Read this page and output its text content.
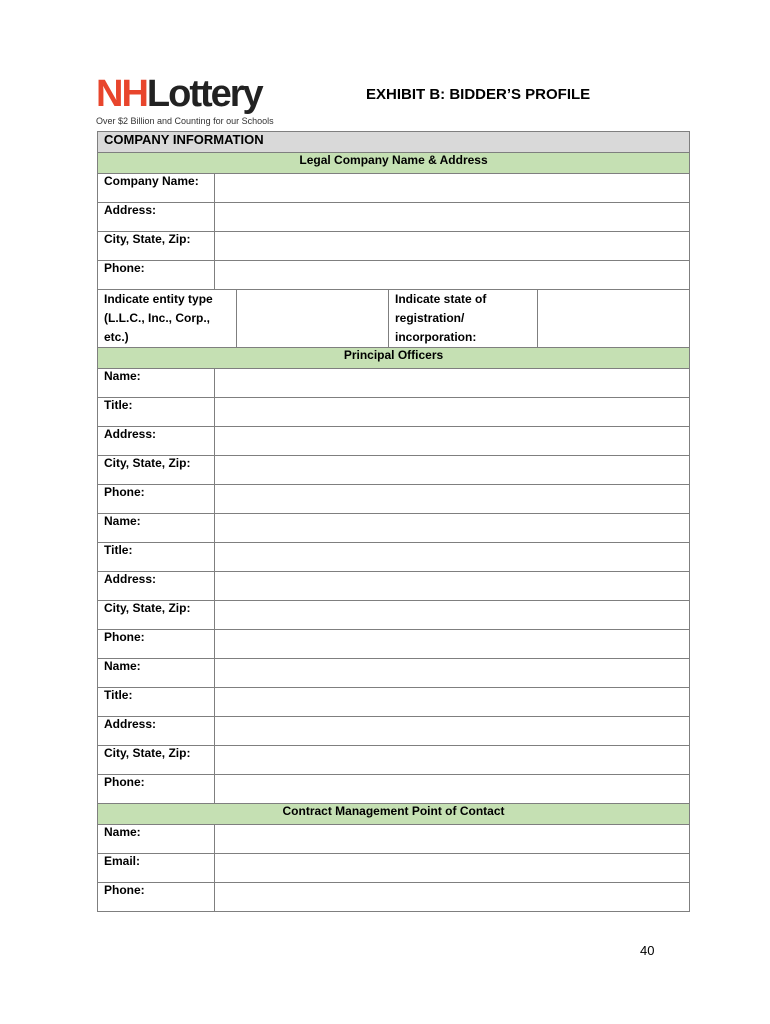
NHLottery
Over $2 Billion and Counting for our Schools
EXHIBIT B: BIDDER’S PROFILE
COMPANY INFORMATION				
Legal Company Name & Address				
Company Name:				
Address:				
City, State, Zip:				
Phone:				
Indicate entity type (L.L.C., Inc., Corp., etc.)			Indicate state of registration/ incorporation:	
Principal Officers				
Name:				
Title:				
Address:				
City, State, Zip:				
Phone:				
Name:				
Title:				
Address:				
City, State, Zip:				
Phone:				
Name:				
Title:				
Address:				
City, State, Zip:				
Phone:				
Contract Management Point of Contact				
Name:				
Email:				
Phone:				
40
